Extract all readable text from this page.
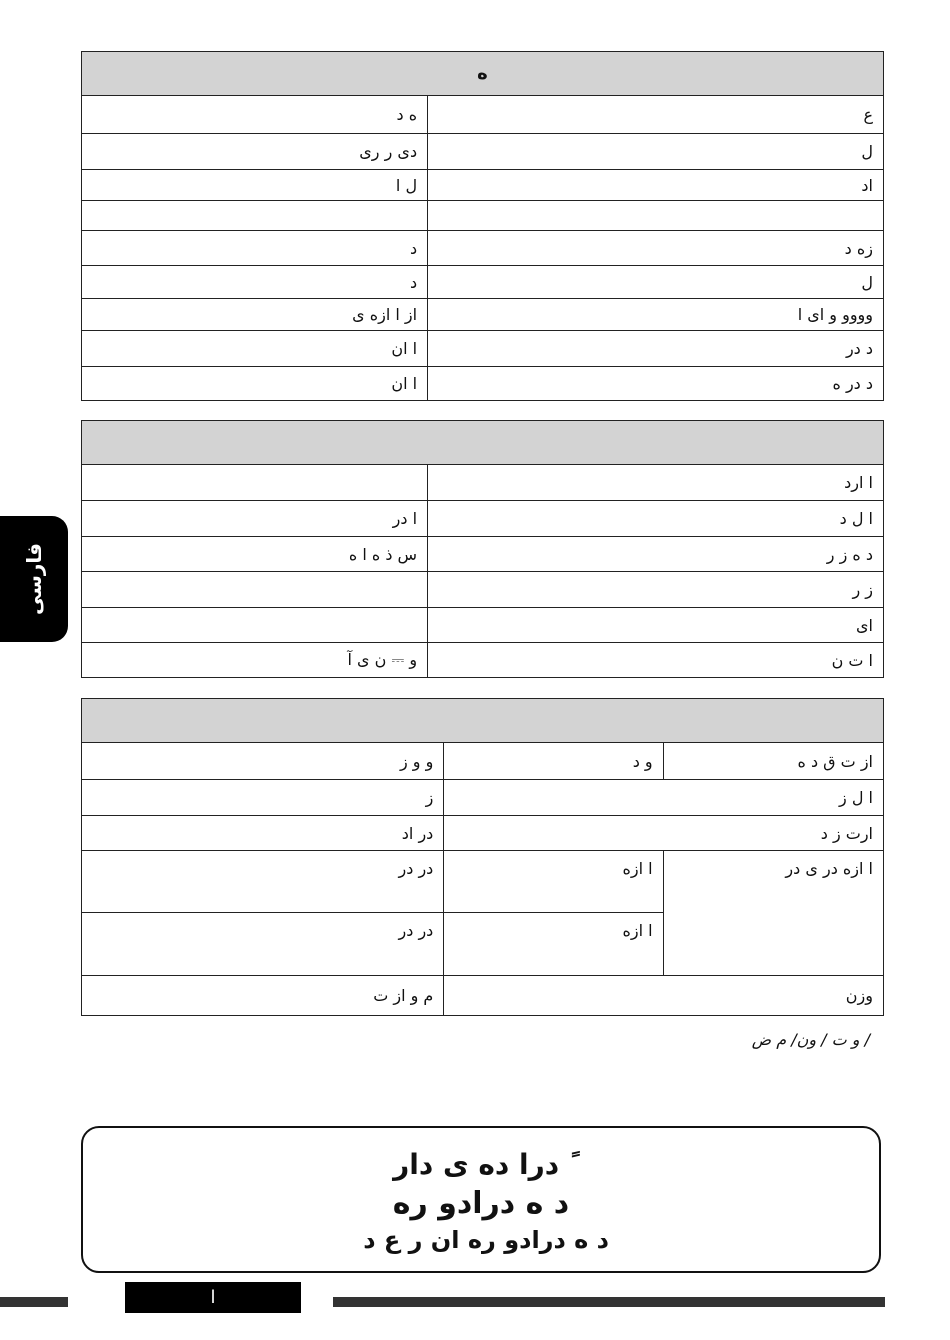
فارسی
ه	
ع	ه د
ل	دی ر ری
اد	ل ا

زه د	د
ل	د
وووو و ای ا	از ا ازه ی
د در	ا ان
د در ه	ا ان

ا ارد	
ا ل د	ا در
د ه ز ر	س ذ ه ا ه
ز ر	
ای	
ا ت ن	و ⎓ ن ی آ

از ت ق د ه	و د	و و ز
ا ل ز		ز
ارت ز د		در اد
ا ازه در ی در	ا ازه	در در
	ا ازه	در در
وزن		م و از ت
/ و ت / ون/ م ض
ً درا ده ی دار
د ه درادو ره
د ه درادو ره ان ر ع د
ا
